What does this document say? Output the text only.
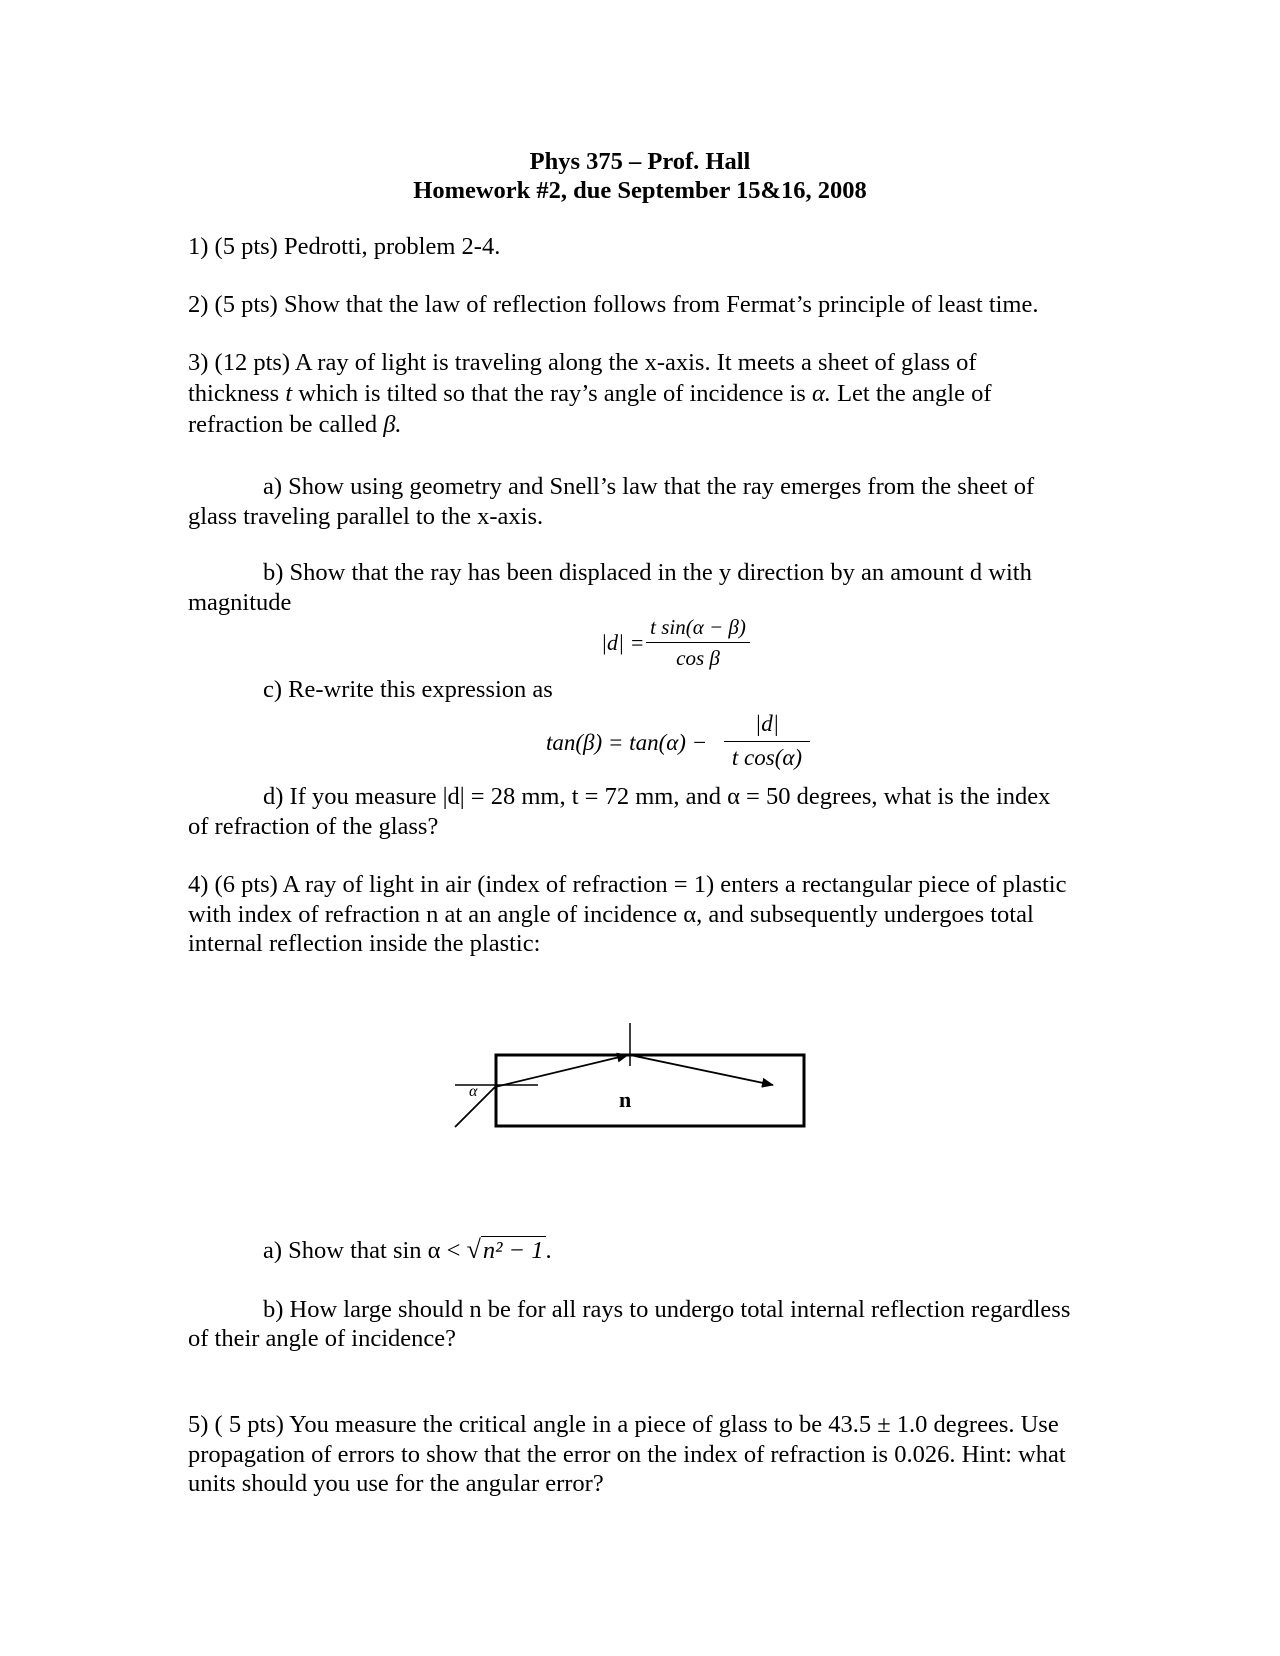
Phys 375 – Prof. Hall
Homework #2, due September 15&16, 2008
1) (5 pts) Pedrotti, problem 2-4.
2) (5 pts) Show that the law of reflection follows from Fermat’s principle of least time.
3) (12 pts) A ray of light is traveling along the x-axis. It meets a sheet of glass of
thickness t which is tilted so that the ray’s angle of incidence is α. Let the angle of
refraction be called β.
a) Show using geometry and Snell’s law that the ray emerges from the sheet of
glass traveling parallel to the x-axis.
b) Show that the ray has been displaced in the y direction by an amount d with
magnitude
|d| =
t sin(α − β)
cos β
c) Re-write this expression as
tan(β) = tan(α) −
|d|
t cos(α)
d) If you measure |d| = 28 mm, t = 72 mm, and α = 50 degrees, what is the index
of refraction of the glass?
4) (6 pts) A ray of light in air (index of refraction = 1) enters a rectangular piece of plastic
with index of refraction n at an angle of incidence α, and subsequently undergoes total
internal reflection inside the plastic:
α	n
a) Show that sin α < √n² − 1.
b) How large should n be for all rays to undergo total internal reflection regardless
of their angle of incidence?
5) ( 5 pts) You measure the critical angle in a piece of glass to be 43.5 ± 1.0 degrees. Use
propagation of errors to show that the error on the index of refraction is 0.026. Hint: what
units should you use for the angular error?
